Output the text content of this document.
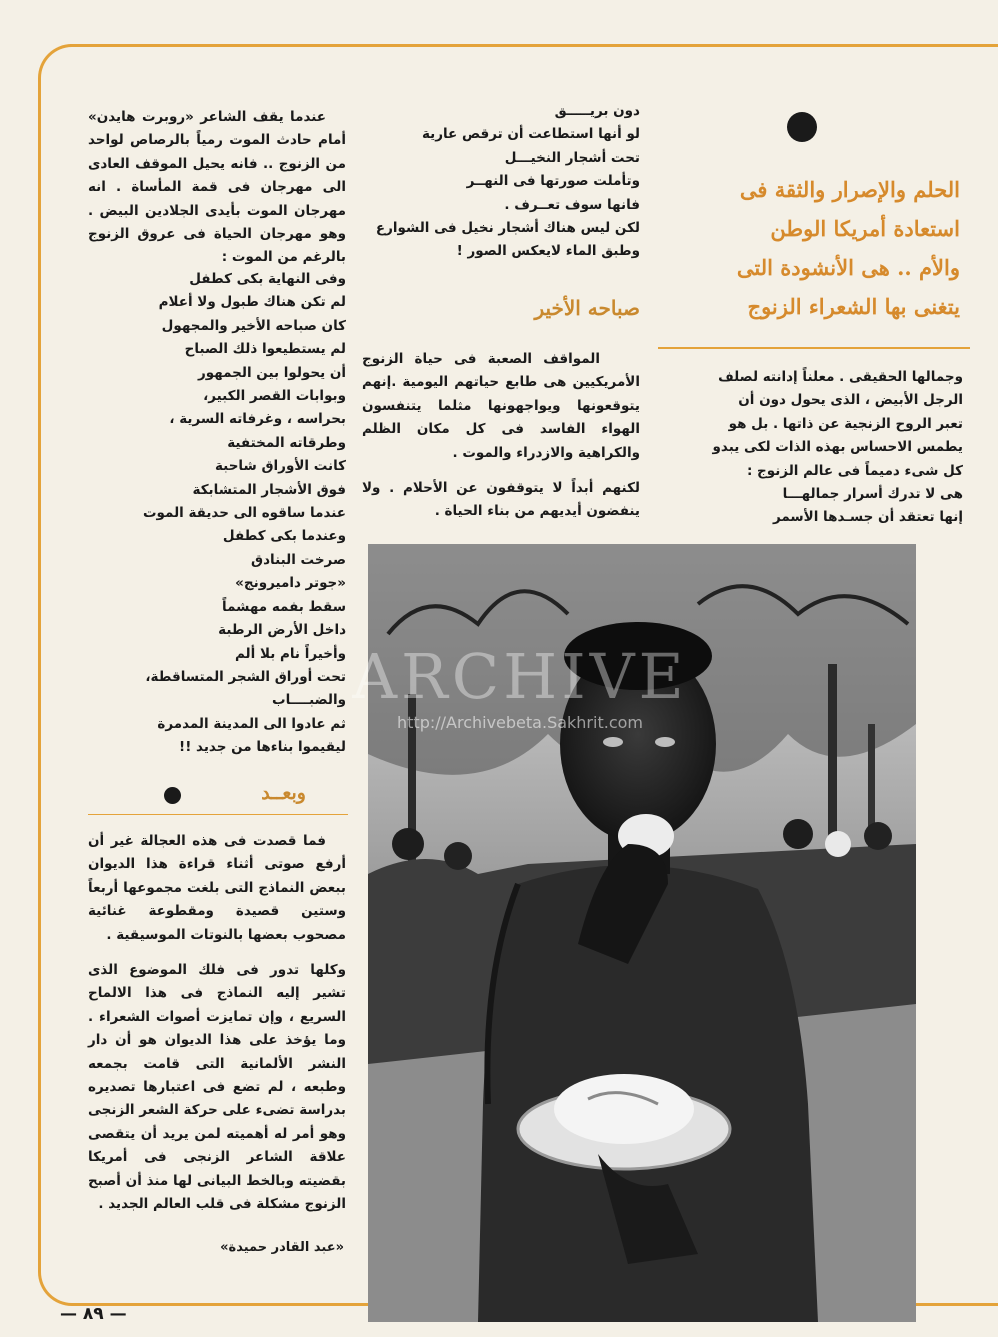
الحلم والإصرار والثقة فى
استعادة أمريكا الوطن
والأم .. هى الأنشودة التى
يتغنى بها الشعراء الزنوج
وجمالها الحقيقى . معلناً إدانته لصلف
الرجل الأبيض ، الذى يحول دون أن
تعبر الروح الزنجية عن ذاتها . بل هو
يطمس الاحساس بهذه الذات لكى يبدو
كل شىء دميماً فى عالم الزنوج :
هى لا تدرك أسرار جمالهـــا
إنها تعتقد أن جسـدها الأسمر
دون بريـــــق
لو أنها استطاعت أن ترقص عارية
تحت أشجار النخيـــل
وتأملت صورتها فى النهــر
فانها سوف تعــرف .
لكن ليس هناك أشجار نخيل فى الشوارع
وطبق الماء لايعكس الصور !
صباحه الأخير

المواقف الصعبة فى حياة الزنوج الأمريكيين هى طابع حياتهم اليومية .إنهم يتوقعونها ويواجهونها مثلما يتنفسون الهواء الفاسد فى كل مكان الظلم والكراهية والازدراء والموت .

لكنهم أبداً لا يتوقفون عن الأحلام . ولا ينفضون أيديهم من بناء الحياة .

عندما يقف الشاعر «روبرت هايدن» أمام حادث الموت رمياً بالرصاص لواحد من الزنوج .. فانه يحيل الموقف العادى الى مهرجان فى قمة المأساة . انه مهرجان الموت بأيدى الجلادين البيض . وهو مهرجان الحياة فى عروق الزنوج بالرغم من الموت :

وفى النهاية بكى كطفل
لم تكن هناك طبول ولا أعلام
كان صباحه الأخير والمجهول
لم يستطيعوا ذلك الصباح
أن يحولوا بين الجمهور
وبوابات القصر الكبير،
بحراسه ، وغرفاته السرية ،
وطرقاته المختفية
كانت الأوراق شاحبة
فوق الأشجار المتشابكة
عندما ساقوه الى حديقة الموت
وعندما بكى كطفل
صرخت البنادق
«جوتر داميرونج»
سقط بفمه مهشماً
داخل الأرض الرطبة
وأخيراً نام بلا ألم
تحت أوراق الشجر المتساقطة،
والضبــــاب
ثم عادوا الى المدينة المدمرة
ليقيموا بناءها من جديد !!
وبعــد

فما قصدت فى هذه العجالة غير أن أرفع صوتى أثناء قراءة هذا الديوان ببعض النماذج التى بلغت مجموعها أربعاً وستين قصيدة ومقطوعة غنائية مصحوب بعضها بالنوتات الموسيقية .

وكلها تدور فى فلك الموضوع الذى تشير إليه النماذج فى هذا الالماح السريع ، وإن تمايزت أصوات الشعراء . وما يؤخذ على هذا الديوان هو أن دار النشر الألمانية التى قامت بجمعه وطبعه ، لم تضع فى اعتبارها تصديره بدراسة تضىء على حركة الشعر الزنجى وهو أمر له أهميته لمن يريد أن يتقصى علاقة الشاعر الزنجى فى أمريكا بقضيته وبالخط البيانى لها منذ أن أصبح الزنوج مشكلة فى قلب العالم الجديد .

«عبد القادر حميدة»
— ٨٩ —
ARCHIVE
http://Archivebeta.Sakhrit.com
